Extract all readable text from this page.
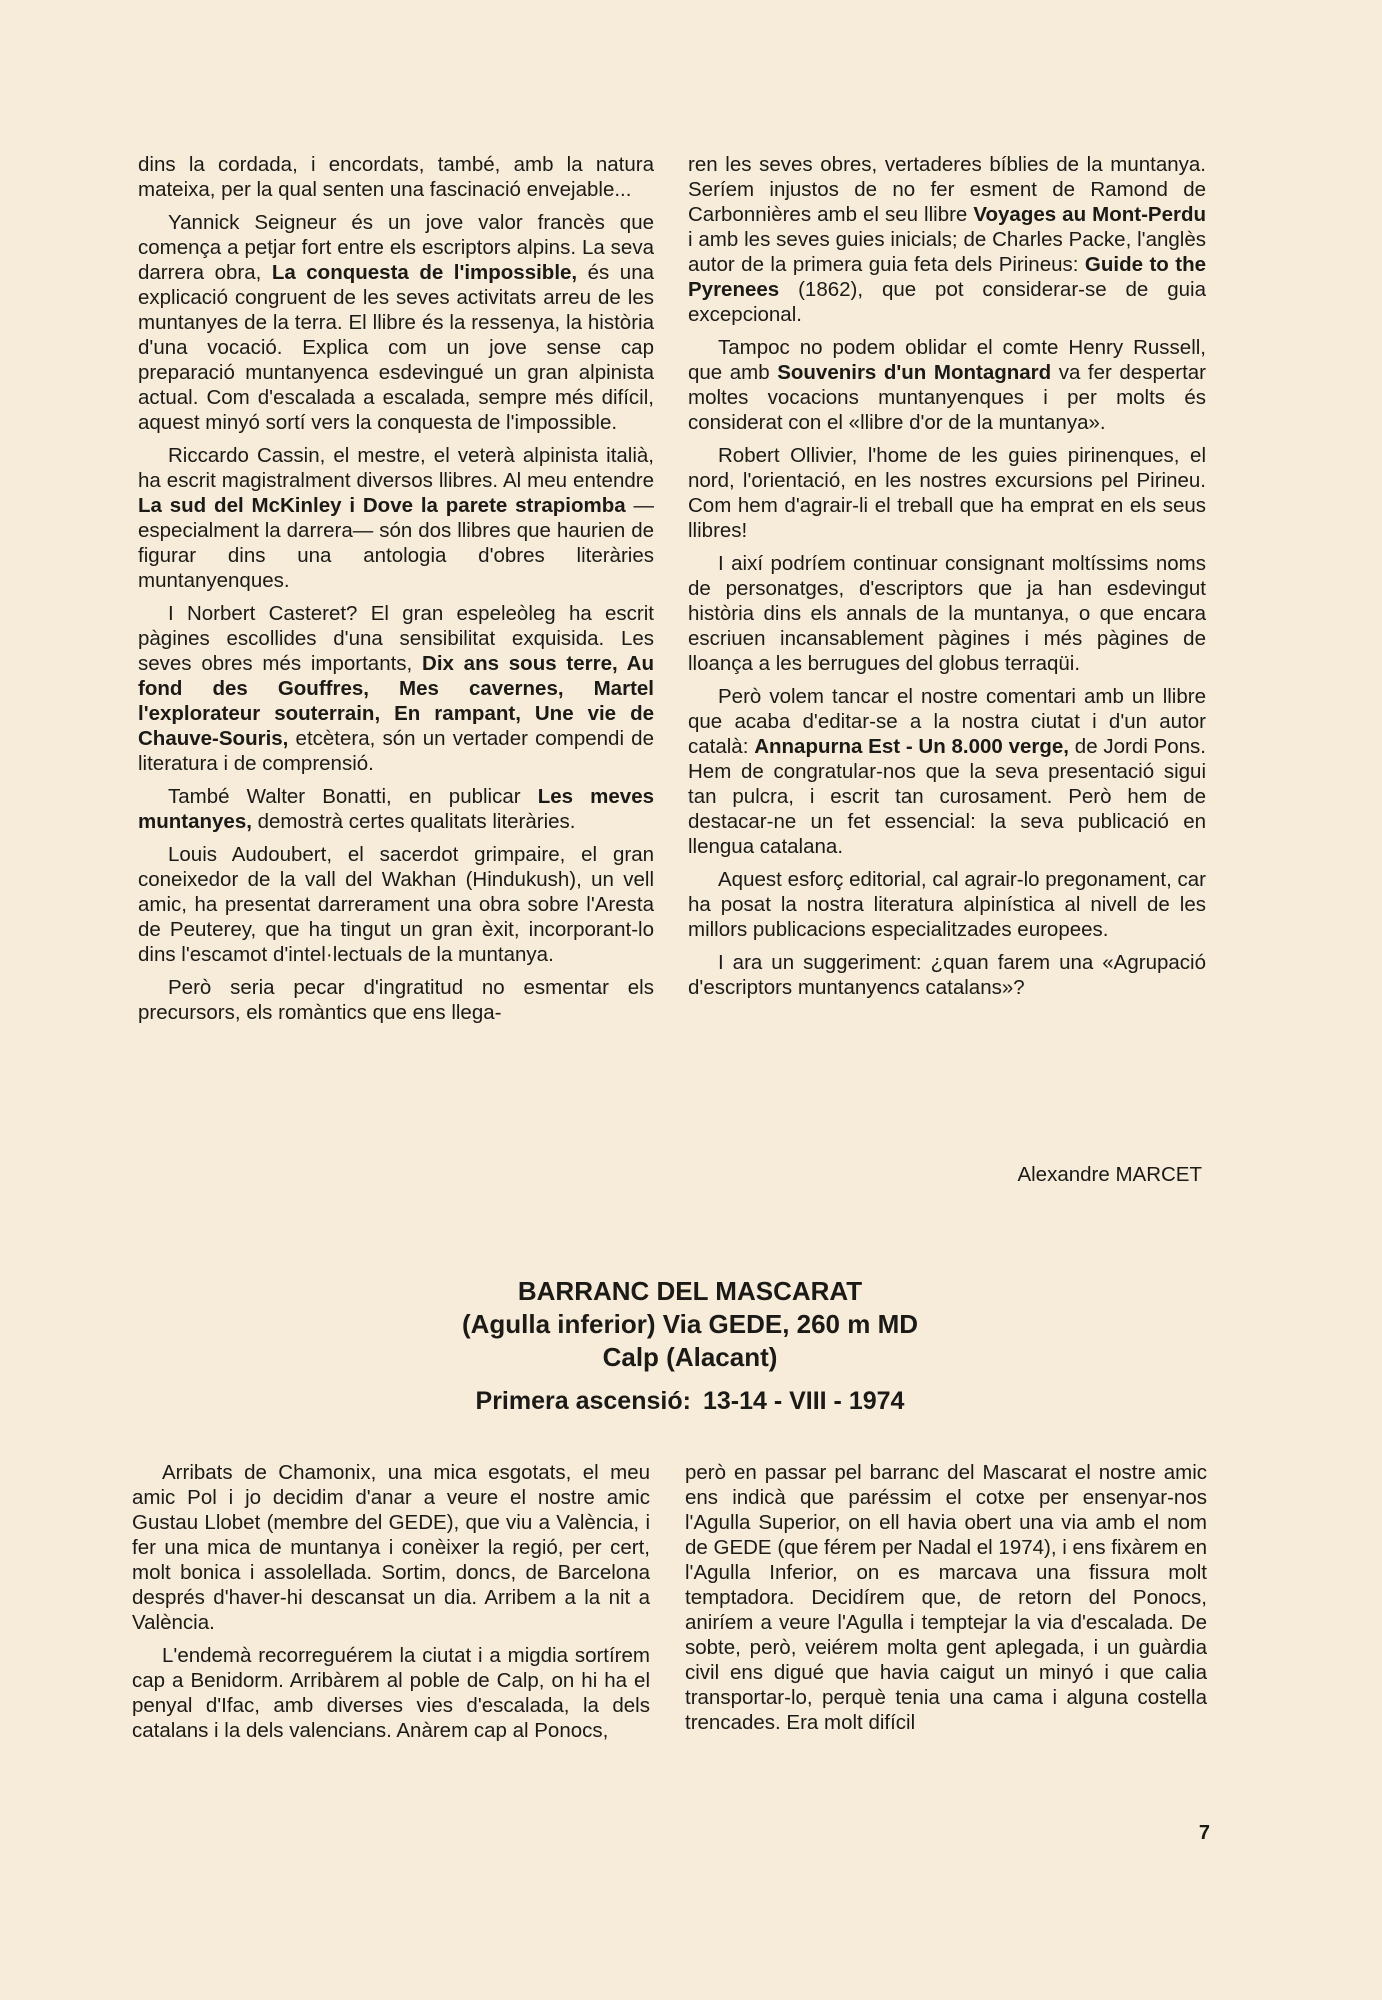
dins la cordada, i encordats, també, amb la natura mateixa, per la qual senten una fascinació envejable...

Yannick Seigneur és un jove valor francès que comença a petjar fort entre els escriptors alpins. La seva darrera obra, La conquesta de l'impossible, és una explicació congruent de les seves activitats arreu de les muntanyes de la terra. El llibre és la ressenya, la història d'una vocació. Explica com un jove sense cap preparació muntanyenca esdevingué un gran alpinista actual. Com d'escalada a escalada, sempre més difícil, aquest minyó sortí vers la conquesta de l'impossible.

Riccardo Cassin, el mestre, el veterà alpinista italià, ha escrit magistralment diversos llibres. Al meu entendre La sud del McKinley i Dove la parete strapiomba —especialment la darrera— són dos llibres que haurien de figurar dins una antologia d'obres literàries muntanyenques.

I Norbert Casteret? El gran espeleòleg ha escrit pàgines escollides d'una sensibilitat exquisida. Les seves obres més importants, Dix ans sous terre, Au fond des Gouffres, Mes cavernes, Martel l'explorateur souterrain, En rampant, Une vie de Chauve-Souris, etcètera, són un vertader compendi de literatura i de comprensió.

També Walter Bonatti, en publicar Les meves muntanyes, demostrà certes qualitats literàries.

Louis Audoubert, el sacerdot grimpaire, el gran coneixedor de la vall del Wakhan (Hindukush), un vell amic, ha presentat darrerament una obra sobre l'Aresta de Peuterey, que ha tingut un gran èxit, incorporant-lo dins l'escamot d'intel·lectuals de la muntanya.

Però seria pecar d'ingratitud no esmentar els precursors, els romàntics que ens llega-

ren les seves obres, vertaderes bíblies de la muntanya. Seríem injustos de no fer esment de Ramond de Carbonnières amb el seu llibre Voyages au Mont-Perdu i amb les seves guies inicials; de Charles Packe, l'anglès autor de la primera guia feta dels Pirineus: Guide to the Pyrenees (1862), que pot considerar-se de guia excepcional.

Tampoc no podem oblidar el comte Henry Russell, que amb Souvenirs d'un Montagnard va fer despertar moltes vocacions muntanyenques i per molts és considerat con el «llibre d'or de la muntanya».

Robert Ollivier, l'home de les guies pirinenques, el nord, l'orientació, en les nostres excursions pel Pirineu. Com hem d'agrair-li el treball que ha emprat en els seus llibres!

I així podríem continuar consignant moltíssims noms de personatges, d'escriptors que ja han esdevingut història dins els annals de la muntanya, o que encara escriuen incansablement pàgines i més pàgines de lloança a les berrugues del globus terraqüi.

Però volem tancar el nostre comentari amb un llibre que acaba d'editar-se a la nostra ciutat i d'un autor català: Annapurna Est - Un 8.000 verge, de Jordi Pons. Hem de congratular-nos que la seva presentació sigui tan pulcra, i escrit tan curosament. Però hem de destacar-ne un fet essencial: la seva publicació en llengua catalana.

Aquest esforç editorial, cal agrair-lo pregonament, car ha posat la nostra literatura alpinística al nivell de les millors publicacions especialitzades europees.

I ara un suggeriment: ¿quan farem una «Agrupació d'escriptors muntanyencs catalans»?

Alexandre MARCET
BARRANC DEL MASCARAT
(Agulla inferior) Via GEDE, 260 m MD
Calp (Alacant)
Primera ascensió: 13-14 - VIII - 1974

Arribats de Chamonix, una mica esgotats, el meu amic Pol i jo decidim d'anar a veure el nostre amic Gustau Llobet (membre del GEDE), que viu a València, i fer una mica de muntanya i conèixer la regió, per cert, molt bonica i assolellada. Sortim, doncs, de Barcelona després d'haver-hi descansat un dia. Arribem a la nit a València.

L'endemà recorreguérem la ciutat i a migdia sortírem cap a Benidorm. Arribàrem al poble de Calp, on hi ha el penyal d'Ifac, amb diverses vies d'escalada, la dels catalans i la dels valencians. Anàrem cap al Ponocs,

però en passar pel barranc del Mascarat el nostre amic ens indicà que paréssim el cotxe per ensenyar-nos l'Agulla Superior, on ell havia obert una via amb el nom de GEDE (que férem per Nadal el 1974), i ens fixàrem en l'Agulla Inferior, on es marcava una fissura molt temptadora. Decidírem que, de retorn del Ponocs, aniríem a veure l'Agulla i temptejar la via d'escalada. De sobte, però, veiérem molta gent aplegada, i un guàrdia civil ens digué que havia caigut un minyó i que calia transportar-lo, perquè tenia una cama i alguna costella trencades. Era molt difícil

7
